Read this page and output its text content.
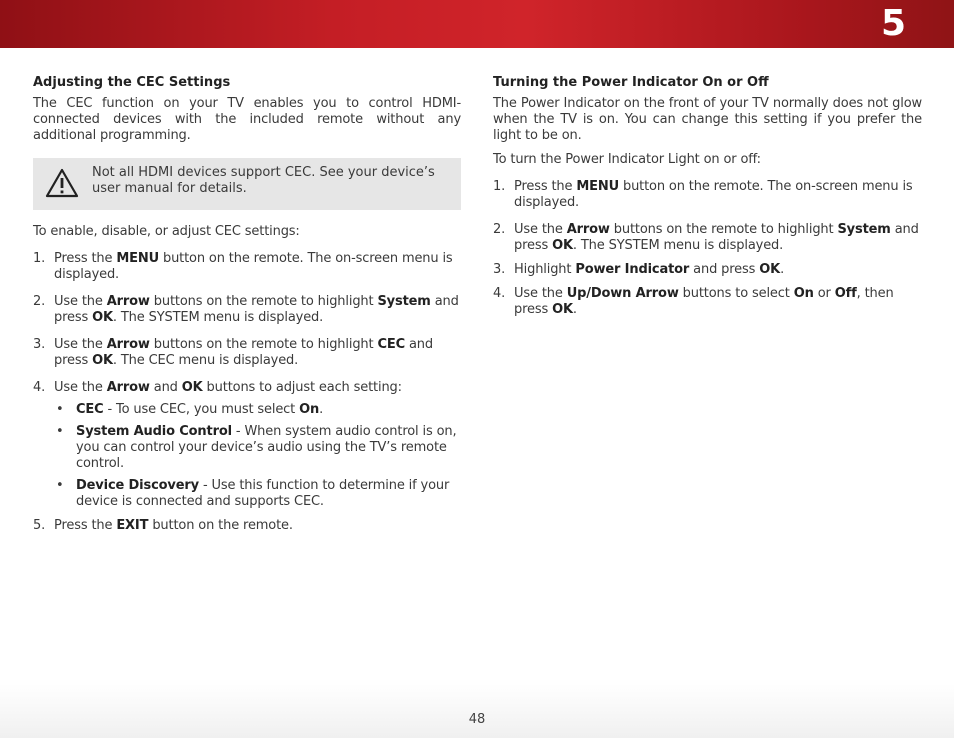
5
Adjusting the CEC Settings

The CEC function on your TV enables you to control HDMI-connected devices with the included remote without any additional programming.

Not all HDMI devices support CEC. See your device’s user manual for details.

To enable, disable, or adjust CEC settings:

1. Press the MENU button on the remote. The on-screen menu is displayed.
2. Use the Arrow buttons on the remote to highlight System and press OK. The SYSTEM menu is displayed.
3. Use the Arrow buttons on the remote to highlight CEC and press OK. The CEC menu is displayed.
4. Use the Arrow and OK buttons to adjust each setting:
• CEC - To use CEC, you must select On.
• System Audio Control - When system audio control is on, you can control your device’s audio using the TV’s remote control.
• Device Discovery - Use this function to determine if your device is connected and supports CEC.
5. Press the EXIT button on the remote.
Turning the Power Indicator On or Off

The Power Indicator on the front of your TV normally does not glow when the TV is on. You can change this setting if you prefer the light to be on.

To turn the Power Indicator Light on or off:

1. Press the MENU button on the remote. The on-screen menu is displayed.
2. Use the Arrow buttons on the remote to highlight System and press OK. The SYSTEM menu is displayed.
3. Highlight Power Indicator and press OK.
4. Use the Up/Down Arrow buttons to select On or Off, then press OK.
48
